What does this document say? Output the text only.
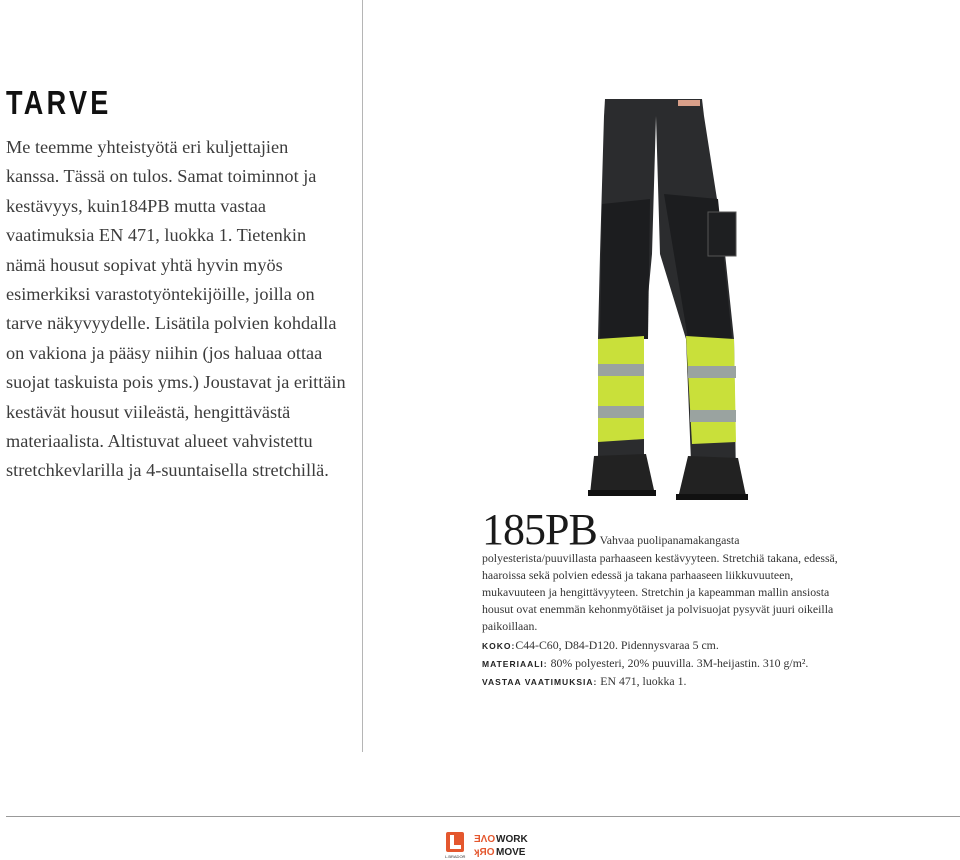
TARVE

Me teemme yhteistyötä eri kuljettajien kanssa. Tässä on tulos. Samat toiminnot ja kestävyys, kuin184PB mutta vastaa vaatimuksia EN 471, luokka 1. Tietenkin nämä housut sopivat yhtä hyvin myös esimerkiksi varastotyöntekijöille, joilla on tarve näkyvyydelle. Lisätila polvien kohdalla on vakiona ja pääsy niihin (jos haluaa ottaa suojat taskuista pois yms.) Joustavat ja erittäin kestävät housut viileästä, hengittävästä materiaalista. Altistuvat alueet vahvistettu stretchkevlarilla ja 4-suuntaisella stretchillä.

185PB Vahvaa puolipanamakangasta polyesterista/puuvillasta parhaaseen kestävyyteen. Stretchiä takana, edessä, haaroissa sekä polvien edessä ja takana parhaaseen liikkuvuuteen, mukavuuteen ja hengittävyyteen. Stretchin ja kapeamman mallin ansiosta housut ovat enemmän kehonmyötäiset ja polvisuojat pysyvät juuri oikeilla paikoillaan.

KOKO:C44-C60, D84-D120. Pidennysvaraa 5 cm.

MATERIAALI: 80% polyesteri, 20% puuvilla. 3M-heijastin. 310 g/m².

VASTAA VAATIMUKSIA: EN 471, luokka 1.

L.BRADOR
ƎΛO WORK
ʞЯO MOVE
